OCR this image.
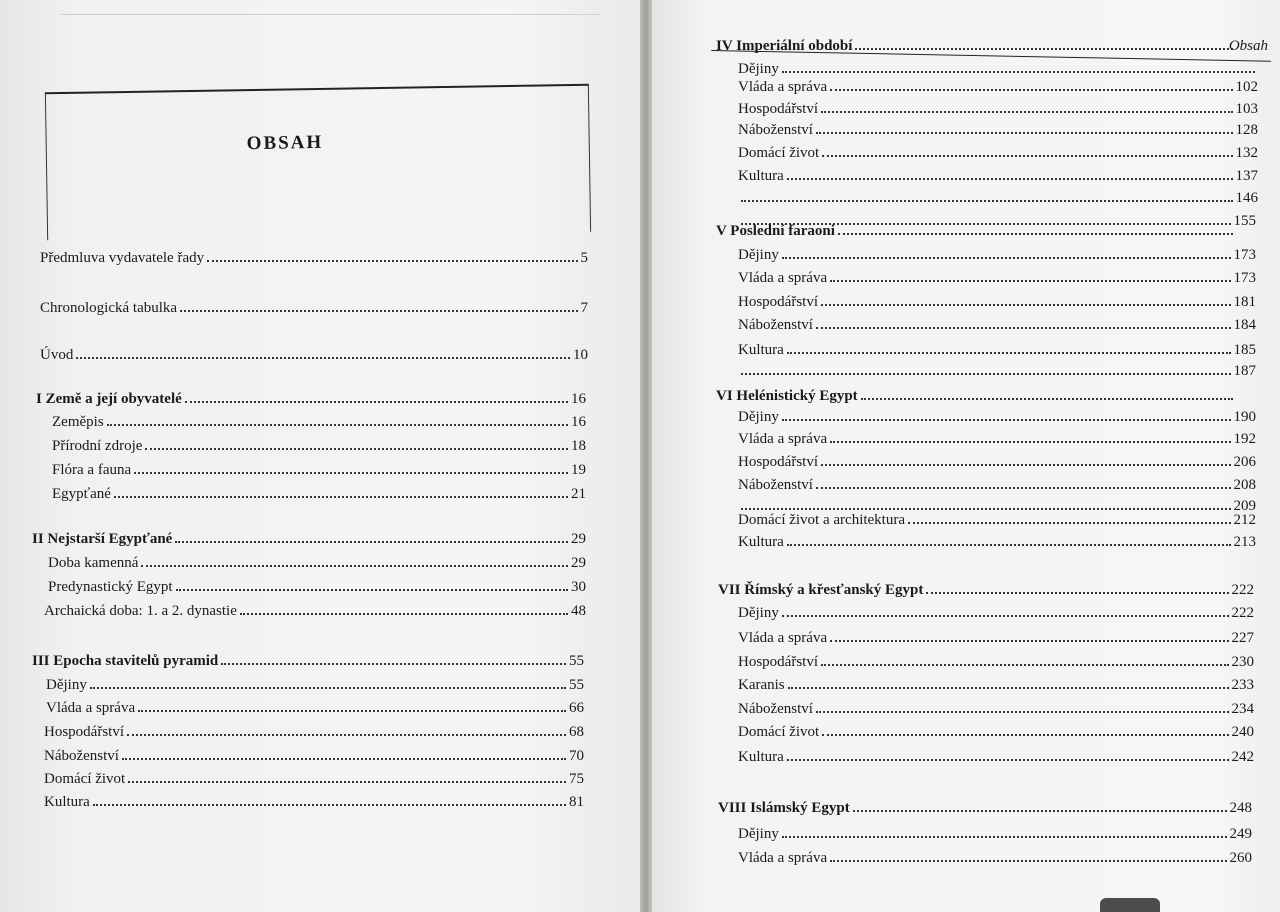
OBSAH
Předmluva vydavatele řady	5
Chronologická tabulka	7
Úvod	10
I Země a její obyvatelé	16
Zeměpis	16
Přírodní zdroje	18
Flóra a fauna	19
Egypťané	21
II Nejstarší Egypťané	29
Doba kamenná	29
Predynastický Egypt	30
Archaická doba: 1. a 2. dynastie	48
III Epocha stavitelů pyramid	55
Dějiny	55
Vláda a správa	66
Hospodářství	68
Náboženství	70
Domácí život	75
Kultura	81
Obsah
IV Imperiální období
Dějiny
Vláda a správa	102
Hospodářství	103
Náboženství	128
Domácí život	132
Kultura	137
146
155
V Poslední faraoni
Dějiny	173
Vláda a správa	173
Hospodářství	181
Náboženství	184
Kultura	185
187
VI Helénistický Egypt
Dějiny	190
Vláda a správa	192
Hospodářství	206
Náboženství	208
209
Domácí život a architektura	212
Kultura	213
VII Římský a křesťanský Egypt	222
Dějiny	222
Vláda a správa	227
Hospodářství	230
Karanis	233
Náboženství	234
Domácí život	240
Kultura	242
VIII Islámský Egypt	248
Dějiny	249
Vláda a správa	260
